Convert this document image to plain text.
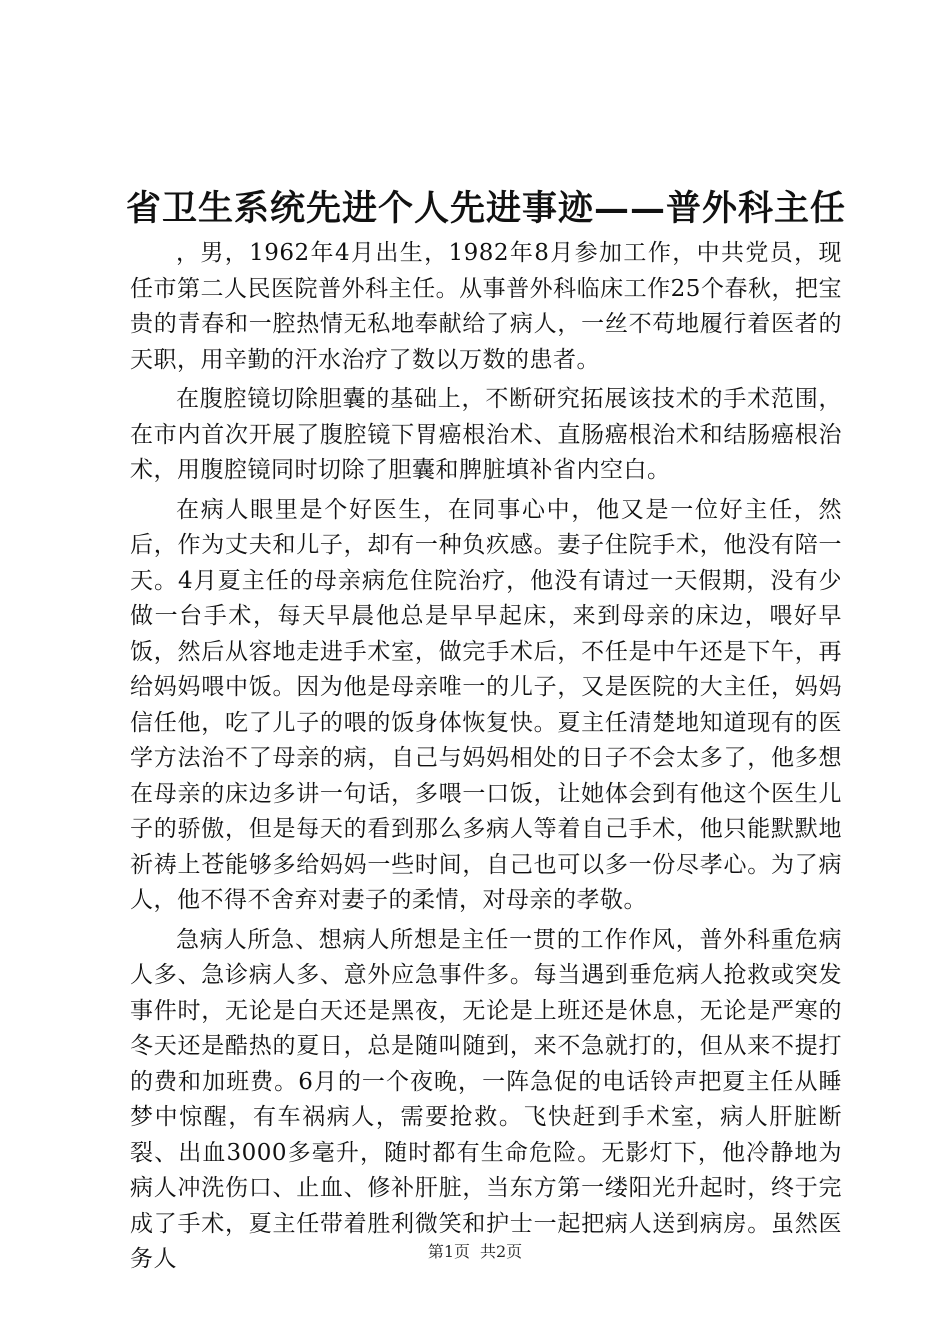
省卫生系统先进个人先进事迹——普外科主任

，男，1962年4月出生，1982年8月参加工作，中共党员，现任市第二人民医院普外科主任。从事普外科临床工作25个春秋，把宝贵的青春和一腔热情无私地奉献给了病人，一丝不苟地履行着医者的天职，用辛勤的汗水治疗了数以万数的患者。

在腹腔镜切除胆囊的基础上，不断研究拓展该技术的手术范围，在市内首次开展了腹腔镜下胃癌根治术、直肠癌根治术和结肠癌根治术，用腹腔镜同时切除了胆囊和脾脏填补省内空白。

在病人眼里是个好医生，在同事心中，他又是一位好主任，然后，作为丈夫和儿子，却有一种负疚感。妻子住院手术，他没有陪一天。4月夏主任的母亲病危住院治疗，他没有请过一天假期，没有少做一台手术，每天早晨他总是早早起床，来到母亲的床边，喂好早饭，然后从容地走进手术室，做完手术后，不任是中午还是下午，再给妈妈喂中饭。因为他是母亲唯一的儿子，又是医院的大主任，妈妈信任他，吃了儿子的喂的饭身体恢复快。夏主任清楚地知道现有的医学方法治不了母亲的病，自己与妈妈相处的日子不会太多了，他多想在母亲的床边多讲一句话，多喂一口饭，让她体会到有他这个医生儿子的骄傲，但是每天的看到那么多病人等着自己手术，他只能默默地祈祷上苍能够多给妈妈一些时间，自己也可以多一份尽孝心。为了病人，他不得不舍弃对妻子的柔情，对母亲的孝敬。

急病人所急、想病人所想是主任一贯的工作作风，普外科重危病人多、急诊病人多、意外应急事件多。每当遇到垂危病人抢救或突发事件时，无论是白天还是黑夜，无论是上班还是休息，无论是严寒的冬天还是酷热的夏日，总是随叫随到，来不急就打的，但从来不提打的费和加班费。6月的一个夜晚，一阵急促的电话铃声把夏主任从睡梦中惊醒，有车祸病人，需要抢救。飞快赶到手术室，病人肝脏断裂、出血3000多毫升，随时都有生命危险。无影灯下，他冷静地为病人冲洗伤口、止血、修补肝脏，当东方第一缕阳光升起时，终于完成了手术，夏主任带着胜利微笑和护士一起把病人送到病房。虽然医务人	第1页 共2页
